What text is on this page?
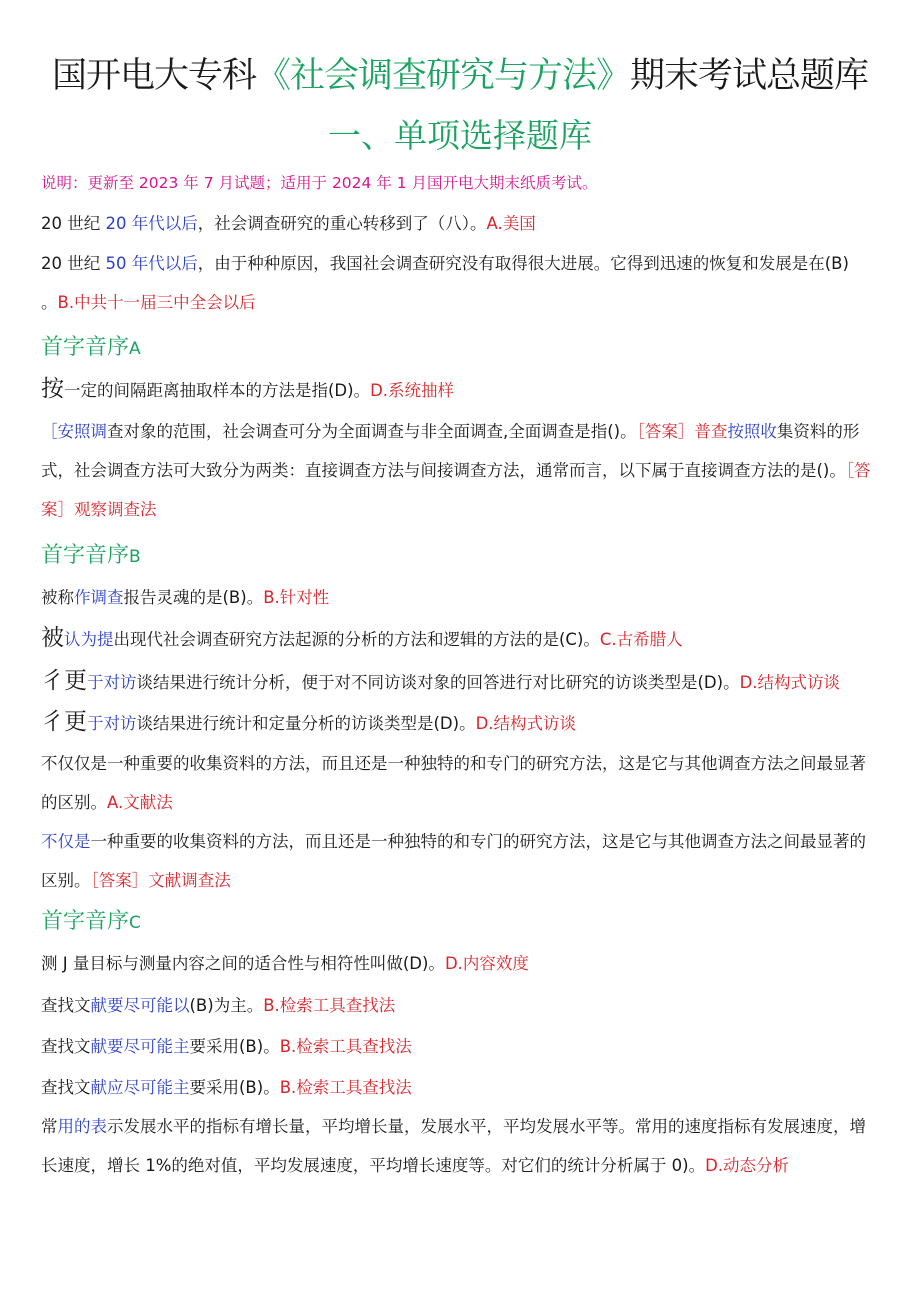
国开电大专科《社会调查研究与方法》期末考试总题库
一、单项选择题库
说明：更新至 2023 年 7 月试题；适用于 2024 年 1 月国开电大期末纸质考试。
20 世纪 20 年代以后，社会调查研究的重心转移到了（八）。A.美国
20 世纪 50 年代以后，由于种种原因，我国社会调查研究没有取得很大进展。它得到迅速的恢复和发展是在(B)
。B.中共十一届三中全会以后
首字音序A
按一定的间隔距离抽取样本的方法是指(D)。D.系统抽样
［安照调查对象的范围，社会调查可分为全面调查与非全面调查,全面调查是指()。［答案］普查按照收集资料的形式，社会调查方法可大致分为两类：直接调查方法与间接调查方法，通常而言，以下属于直接调查方法的是()。［答案］观察调查法
首字音序B
被称作调查报告灵魂的是(B)。B.针对性
被认为提出现代社会调查研究方法起源的分析的方法和逻辑的方法的是(C)。C.古希腊人
彳更于对访谈结果进行统计分析，便于对不同访谈对象的回答进行对比研究的访谈类型是(D)。D.结构式访谈
彳更于对访谈结果进行统计和定量分析的访谈类型是(D)。D.结构式访谈
不仅仅是一种重要的收集资料的方法，而且还是一种独特的和专门的研究方法，这是它与其他调查方法之间最显著的区别。A.文献法
不仅是一种重要的收集资料的方法，而且还是一种独特的和专门的研究方法，这是它与其他调查方法之间最显著的区别。［答案］文献调查法
首字音序C
测 J 量目标与测量内容之间的适合性与相符性叫做(D)。D.内容效度
查找文献要尽可能以(B)为主。B.检索工具查找法
查找文献要尽可能主要采用(B)。B.检索工具查找法
查找文献应尽可能主要采用(B)。B.检索工具查找法
常用的表示发展水平的指标有增长量，平均增长量，发展水平，平均发展水平等。常用的速度指标有发展速度，增长速度，增长 1%的绝对值，平均发展速度，平均增长速度等。对它们的统计分析属于 0)。D.动态分析
